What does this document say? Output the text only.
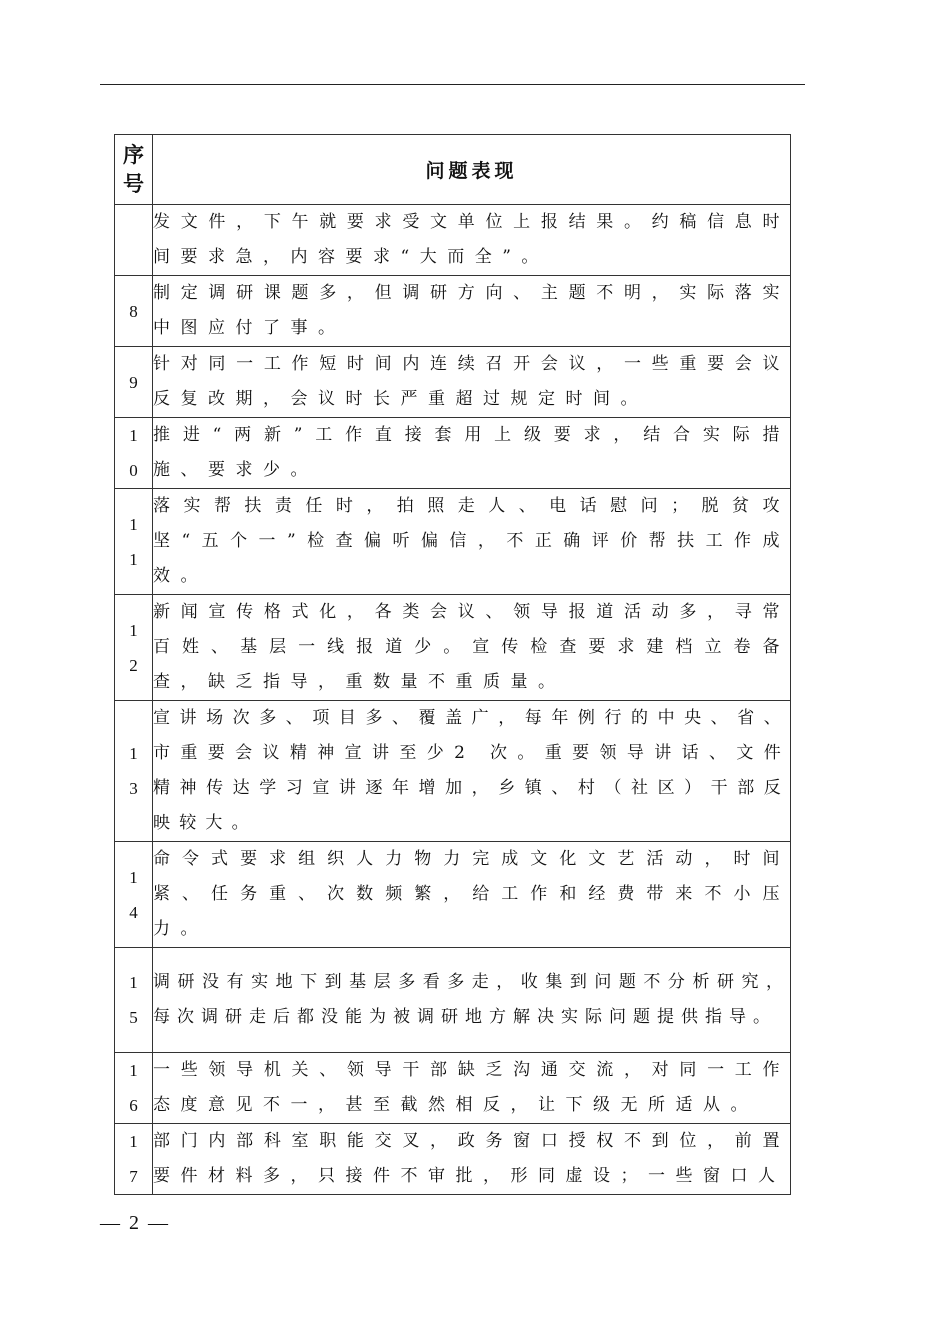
序
号	问题表现

	发文件，下午就要求受文单位上报结果。约稿信息时间要求急，内容要求“大而全”。

8	制定调研课题多，但调研方向、主题不明，实际落实中图应付了事。

9	针对同一工作短时间内连续召开会议，一些重要会议反复改期，会议时长严重超过规定时间。

1
0	推进“两新”工作直接套用上级要求，结合实际措施、要求少。

1
1	落实帮扶责任时，拍照走人、电话慰问；脱贫攻坚“五个一”检查偏听偏信，不正确评价帮扶工作成效。

1
2	新闻宣传格式化，各类会议、领导报道活动多，寻常百姓、基层一线报道少。宣传检查要求建档立卷备查，缺乏指导，重数量不重质量。

1
3	宣讲场次多、项目多、覆盖广，每年例行的中央、省、市重要会议精神宣讲至少2 次。重要领导讲话、文件精神传达学习宣讲逐年增加，乡镇、村（社区）干部反映较大。

1
4	命令式要求组织人力物力完成文化文艺活动，时间紧、任务重、次数频繁，给工作和经费带来不小压力。

1
5	调研没有实地下到基层多看多走，收集到问题不分析研究，每次调研走后都没能为被调研地方解决实际问题提供指导。

1
6	一些领导机关、领导干部缺乏沟通交流，对同一工作态度意见不一，甚至截然相反，让下级无所适从。

1
7	部门内部科室职能交叉，政务窗口授权不到位，前置要件材料多，只接件不审批，形同虚设；一些窗口人
— 2 —
